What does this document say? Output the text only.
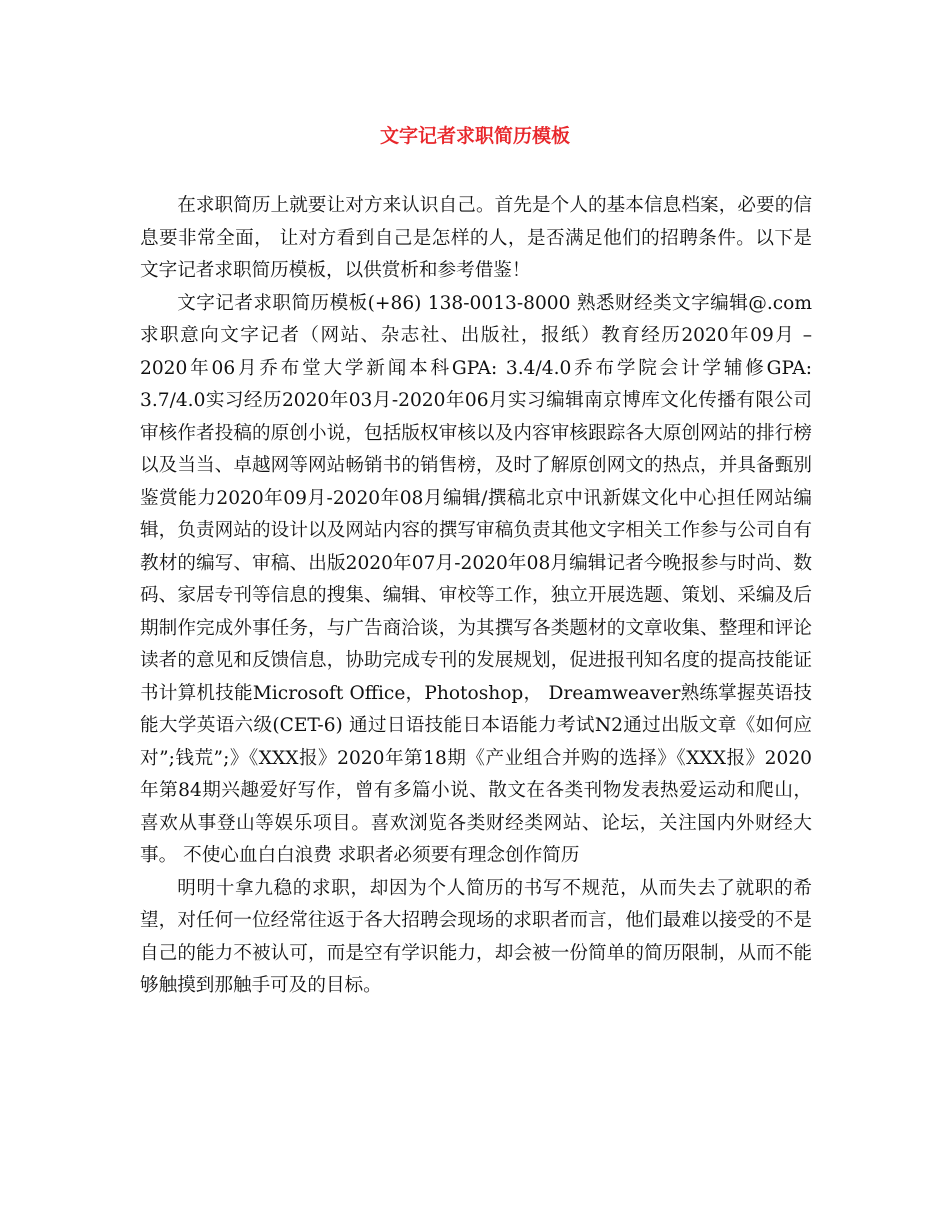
文字记者求职简历模板

在求职简历上就要让对方来认识自己。首先是个人的基本信息档案，必要的信息要非常全面， 让对方看到自己是怎样的人，是否满足他们的招聘条件。以下是文字记者求职简历模板，以供赏析和参考借鉴！

文字记者求职简历模板(+86) 138-0013-8000 熟悉财经类文字编辑@.com求职意向文字记者（网站、杂志社、出版社，报纸）教育经历2020年09月 – 2020年06月乔布堂大学新闻本科GPA: 3.4/4.0乔布学院会计学辅修GPA: 3.7/4.0实习经历2020年03月-2020年06月实习编辑南京博库文化传播有限公司审核作者投稿的原创小说，包括版权审核以及内容审核跟踪各大原创网站的排行榜以及当当、卓越网等网站畅销书的销售榜，及时了解原创网文的热点，并具备甄别鉴赏能力2020年09月-2020年08月编辑/撰稿北京中讯新媒文化中心担任网站编辑，负责网站的设计以及网站内容的撰写审稿负责其他文字相关工作参与公司自有教材的编写、审稿、出版2020年07月-2020年08月编辑记者今晚报参与时尚、数码、家居专刊等信息的搜集、编辑、审校等工作，独立开展选题、策划、采编及后期制作完成外事任务，与广告商洽谈，为其撰写各类题材的文章收集、整理和评论读者的意见和反馈信息，协助完成专刊的发展规划，促进报刊知名度的提高技能证书计算机技能Microsoft Office，Photoshop， Dreamweaver熟练掌握英语技能大学英语六级(CET-6) 通过日语技能日本语能力考试N2通过出版文章《如何应对”;钱荒”;》《XXX报》2020年第18期《产业组合并购的选择》《XXX报》2020年第84期兴趣爱好写作，曾有多篇小说、散文在各类刊物发表热爱运动和爬山，喜欢从事登山等娱乐项目。喜欢浏览各类财经类网站、论坛，关注国内外财经大事。 不使心血白白浪费 求职者必须要有理念创作简历

明明十拿九稳的求职，却因为个人简历的书写不规范，从而失去了就职的希望，对任何一位经常往返于各大招聘会现场的求职者而言，他们最难以接受的不是自己的能力不被认可，而是空有学识能力，却会被一份简单的简历限制，从而不能够触摸到那触手可及的目标。
